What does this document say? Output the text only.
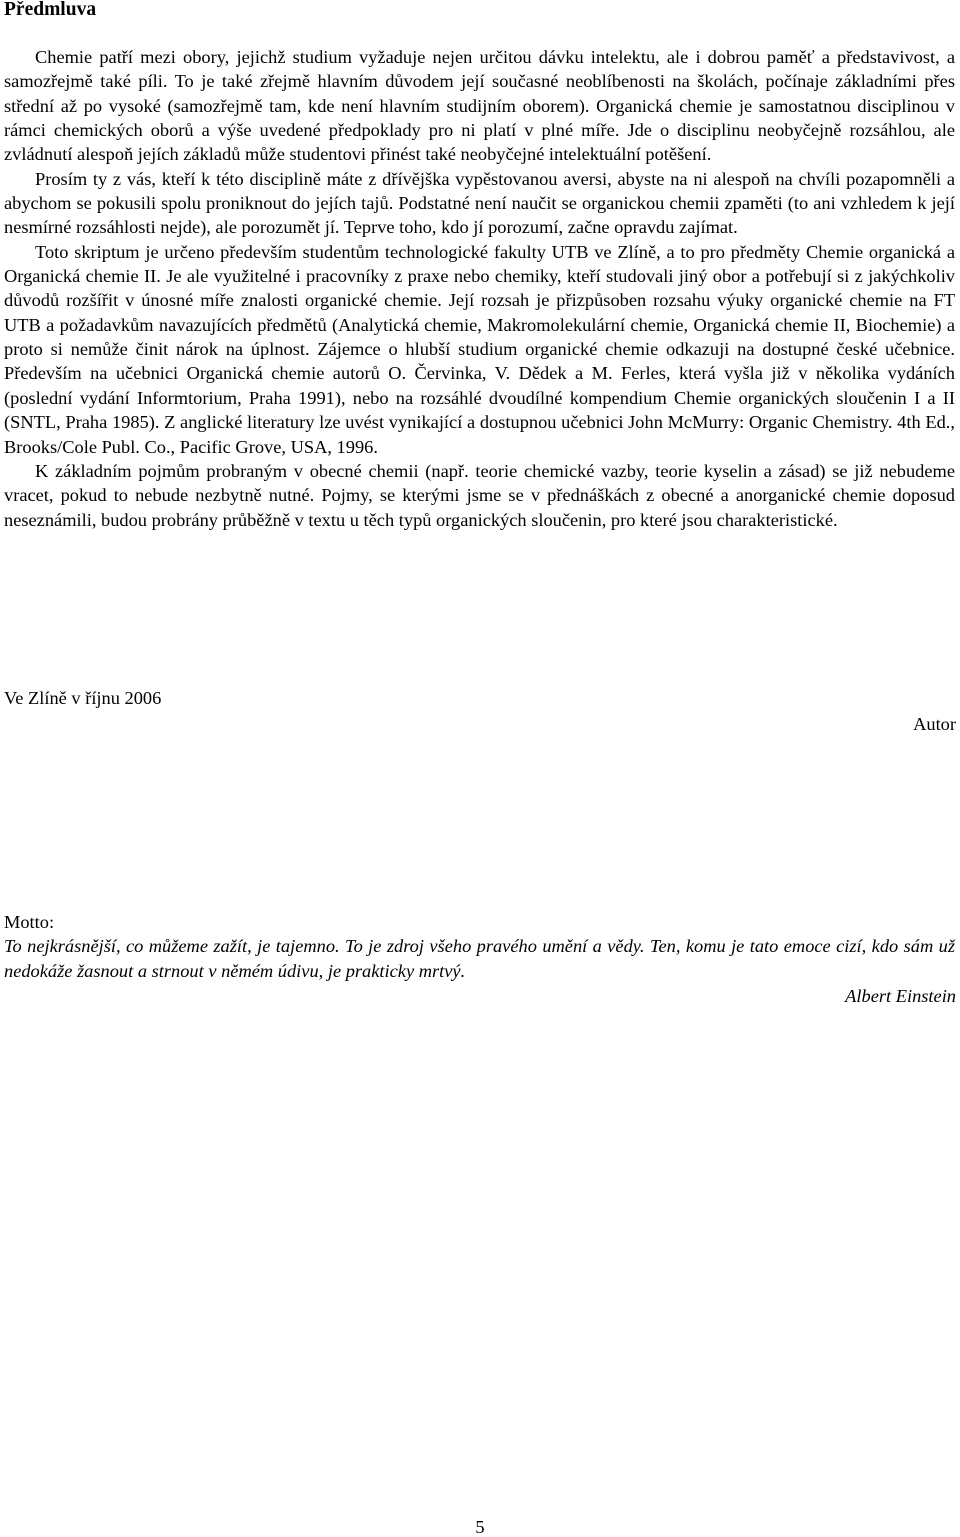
Předmluva

Chemie patří mezi obory, jejichž studium vyžaduje nejen určitou dávku intelektu, ale i dobrou paměť a představivost, a samozřejmě také píli. To je také zřejmě hlavním důvodem její současné neoblíbenosti na školách, počínaje základními přes střední až po vysoké (samozřejmě tam, kde není hlavním studijním oborem). Organická chemie je samostatnou disciplinou v rámci chemických oborů a výše uvedené předpoklady pro ni platí v plné míře. Jde o disciplinu neobyčejně rozsáhlou, ale zvládnutí alespoň jejích základů může studentovi přinést také neobyčejné intelektuální potěšení.

Prosím ty z vás, kteří k této disciplině máte z dřívějška vypěstovanou aversi, abyste na ni alespoň na chvíli pozapomněli a abychom se pokusili spolu proniknout do jejích tajů. Podstatné není naučit se organickou chemii zpaměti (to ani vzhledem k její nesmírné rozsáhlosti nejde), ale porozumět jí. Teprve toho, kdo jí porozumí, začne opravdu zajímat.

Toto skriptum je určeno především studentům technologické fakulty UTB ve Zlíně, a to pro předměty Chemie organická a Organická chemie II. Je ale využitelné i pracovníky z praxe nebo chemiky, kteří studovali jiný obor a potřebují si z jakýchkoliv důvodů rozšířit v únosné míře znalosti organické chemie. Její rozsah je přizpůsoben rozsahu výuky organické chemie na FT UTB a požadavkům navazujících předmětů (Analytická chemie, Makromolekulární chemie, Organická chemie II, Biochemie) a proto si nemůže činit nárok na úplnost. Zájemce o hlubší studium organické chemie odkazuji na dostupné české učebnice. Především na učebnici Organická chemie autorů O. Červinka, V. Dědek a M. Ferles, která vyšla již v několika vydáních (poslední vydání Informtorium, Praha 1991), nebo na rozsáhlé dvoudílné kompendium Chemie organických sloučenin I a II (SNTL, Praha 1985). Z anglické literatury lze uvést vynikající a dostupnou učebnici John McMurry: Organic Chemistry. 4th Ed., Brooks/Cole Publ. Co., Pacific Grove, USA, 1996.

K základním pojmům probraným v obecné chemii (např. teorie chemické vazby, teorie kyselin a zásad) se již nebudeme vracet, pokud to nebude nezbytně nutné. Pojmy, se kterými jsme se v přednáškách z obecné a anorganické chemie doposud neseznámili, budou probrány průběžně v textu u těch typů organických sloučenin, pro které jsou charakteristické.

Ve Zlíně v říjnu 2006

Autor

Motto:

To nejkrásnější, co můžeme zažít, je tajemno. To je zdroj všeho pravého umění a vědy. Ten, komu je tato emoce cizí, kdo sám už nedokáže žasnout a strnout v němém údivu, je prakticky mrtvý.

Albert Einstein

5
